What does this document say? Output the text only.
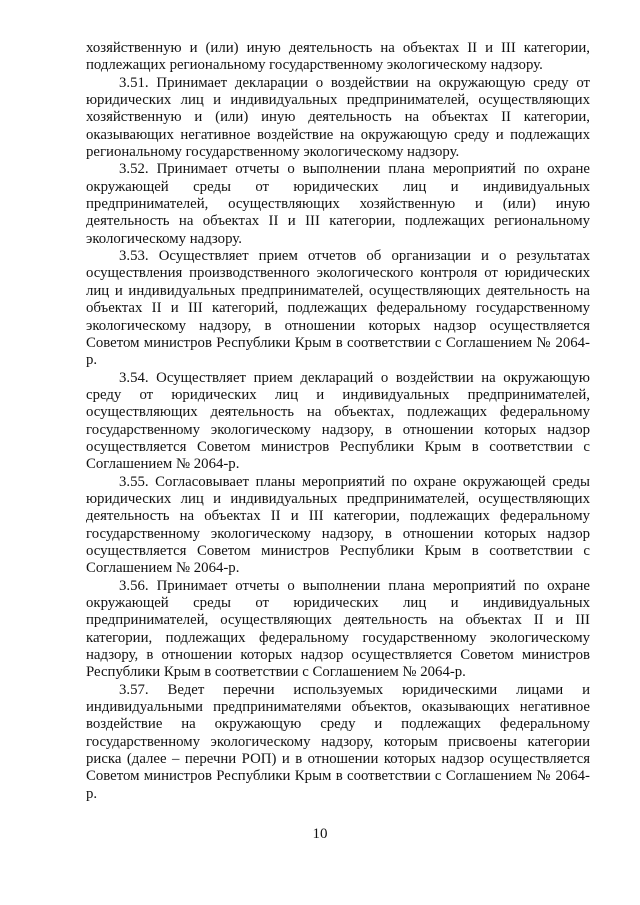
хозяйственную и (или) иную деятельность на объектах II и III категории, подлежащих региональному государственному экологическому надзору.

3.51. Принимает декларации о воздействии на окружающую среду от юридических лиц и индивидуальных предпринимателей, осуществляющих хозяйственную и (или) иную деятельность на объектах II категории, оказывающих негативное воздействие на окружающую среду и подлежащих региональному государственному экологическому надзору.

3.52. Принимает отчеты о выполнении плана мероприятий по охране окружающей среды от юридических лиц и индивидуальных предпринимателей, осуществляющих хозяйственную и (или) иную деятельность на объектах II и III категории, подлежащих региональному экологическому надзору.

3.53. Осуществляет прием отчетов об организации и о результатах осуществления производственного экологического контроля от юридических лиц и индивидуальных предпринимателей, осуществляющих деятельность на объектах II и III категорий, подлежащих федеральному государственному экологическому надзору, в отношении которых надзор осуществляется Советом министров Республики Крым в соответствии с Соглашением № 2064-р.

3.54. Осуществляет прием деклараций о воздействии на окружающую среду от юридических лиц и индивидуальных предпринимателей, осуществляющих деятельность на объектах, подлежащих федеральному государственному экологическому надзору, в отношении которых надзор осуществляется Советом министров Республики Крым в соответствии с Соглашением № 2064-р.

3.55. Согласовывает планы мероприятий по охране окружающей среды юридических лиц и индивидуальных предпринимателей, осуществляющих деятельность на объектах II и III категории, подлежащих федеральному государственному экологическому надзору, в отношении которых надзор осуществляется Советом министров Республики Крым в соответствии с Соглашением № 2064-р.

3.56. Принимает отчеты о выполнении плана мероприятий по охране окружающей среды от юридических лиц и индивидуальных предпринимателей, осуществляющих деятельность на объектах II и III категории, подлежащих федеральному государственному экологическому надзору, в отношении которых надзор осуществляется Советом министров Республики Крым в соответствии с Соглашением № 2064-р.

3.57. Ведет перечни используемых юридическими лицами и индивидуальными предпринимателями объектов, оказывающих негативное воздействие на окружающую среду и подлежащих федеральному государственному экологическому надзору, которым присвоены категории риска (далее – перечни РОП) и в отношении которых надзор осуществляется Советом министров Республики Крым в соответствии с Соглашением № 2064-р.

10
